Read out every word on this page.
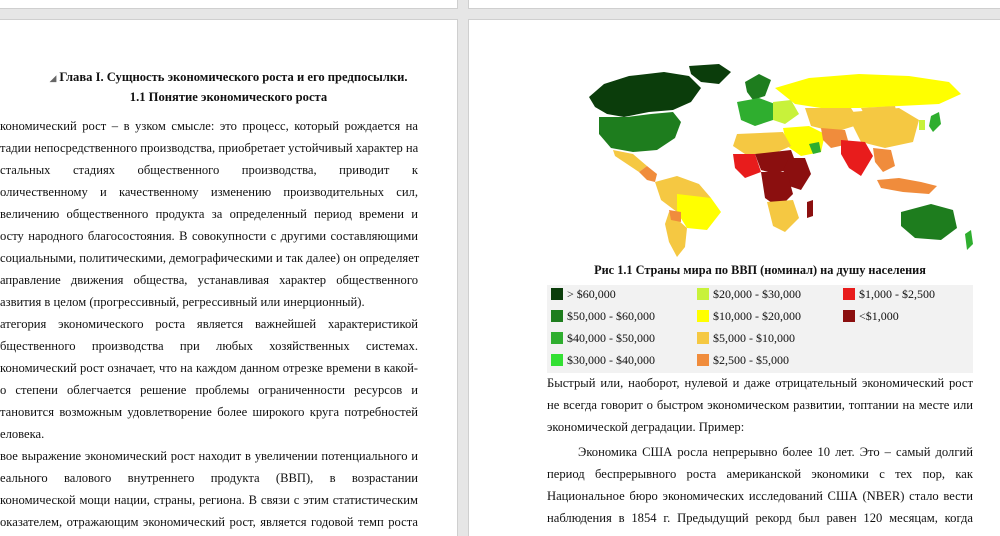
◢ Глава I. Сущность экономического роста и его предпосылки.
1.1 Понятие экономического роста
кономический рост – в узком смысле: это процесс, который рождается на
тадии непосредственного производства, приобретает устойчивый характер на
стальных стадиях общественного производства, приводит к
оличественному и качественному изменению производительных сил,
величению общественного продукта за определенный период времени и
осту народного благосостояния. В совокупности с другими составляющими
социальными, политическими, демографическими и так далее) он определяет
аправление движения общества, устанавливая характер общественного
азвития в целом (прогрессивный, регрессивный или инерционный).
атегория экономического роста является важнейшей характеристикой
бщественного производства при любых хозяйственных системах.
кономический рост означает, что на каждом данном отрезке времени в какой-
о степени облегчается решение проблемы ограниченности ресурсов и
тановится возможным удовлетворение более широкого круга потребностей
еловека.
вое выражение экономический рост находит в увеличении потенциального и
еального валового внутреннего продукта (ВВП), в возрастании
кономической мощи нации, страны, региона. В связи с этим статистическим
оказателем, отражающим экономический рост, является годовой темп роста
Рис 1.1 Страны мира по ВВП (номинал) на душу населения
> $60,000
$50,000 - $60,000
$40,000 - $50,000
$30,000 - $40,000
$20,000 - $30,000
$10,000 - $20,000
$5,000 - $10,000
$2,500 - $5,000
$1,000 - $2,500
<$1,000
Быстрый или, наоборот, нулевой и даже отрицательный экономический рост
не всегда говорит о быстром экономическом развитии, топтании на месте или
экономической деградации. Пример:
Экономика США росла непрерывно более 10 лет. Это – самый долгий
период беспрерывного роста американской экономики с тех пор, как
Национальное бюро экономических исследований США (NBER) стало вести
наблюдения в 1854 г. Предыдущий рекорд был равен 120 месяцам, когда
